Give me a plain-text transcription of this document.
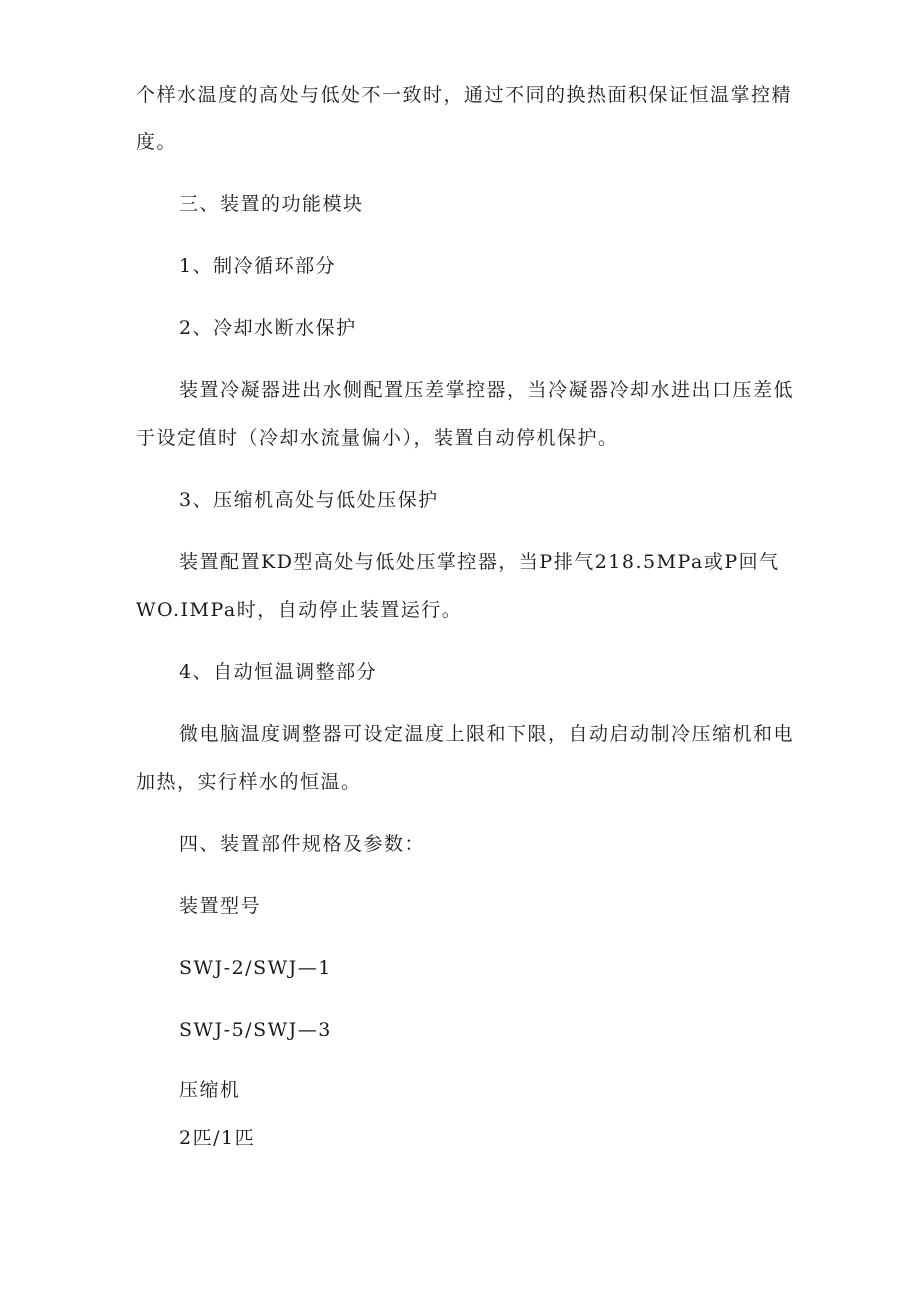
个样水温度的高处与低处不一致时，通过不同的换热面积保证恒温掌控精
度。
三、装置的功能模块
1、制冷循环部分
2、冷却水断水保护
装置冷凝器进出水侧配置压差掌控器，当冷凝器冷却水进出口压差低
于设定值时（冷却水流量偏小），装置自动停机保护。
3、压缩机高处与低处压保护
装置配置KD型高处与低处压掌控器，当P排气218.5MPa或P回气
WO.IMPa时，自动停止装置运行。
4、自动恒温调整部分
微电脑温度调整器可设定温度上限和下限，自动启动制冷压缩机和电
加热，实行样水的恒温。
四、装置部件规格及参数：
装置型号
SWJ-2/SWJ—1
SWJ-5/SWJ—3
压缩机
2匹/1匹
